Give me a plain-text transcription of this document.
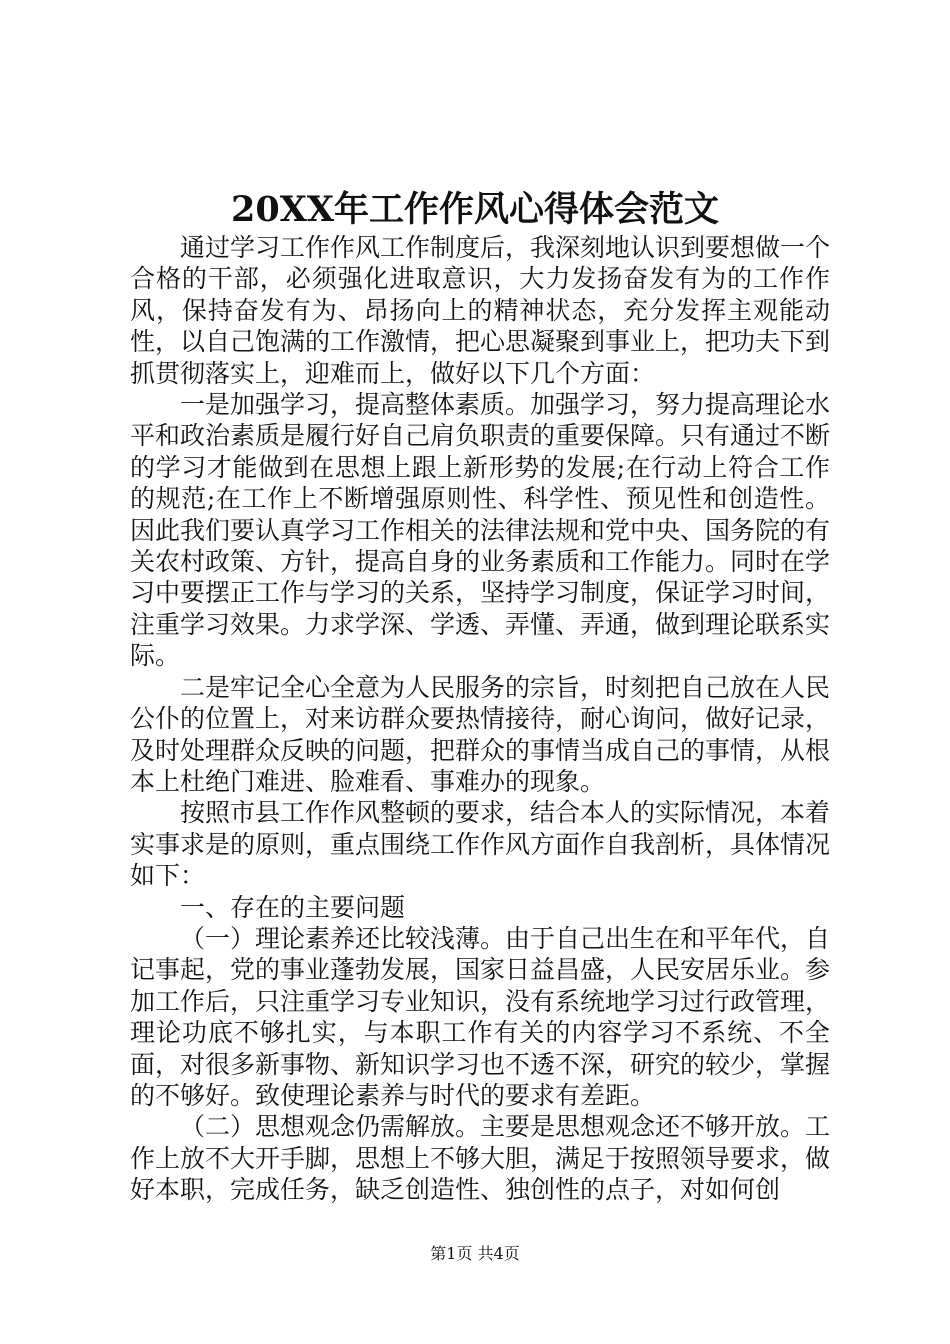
20XX年工作作风心得体会范文

通过学习工作作风工作制度后，我深刻地认识到要想做一个合格的干部，必须强化进取意识，大力发扬奋发有为的工作作风，保持奋发有为、昂扬向上的精神状态，充分发挥主观能动性，以自己饱满的工作激情，把心思凝聚到事业上，把功夫下到抓贯彻落实上，迎难而上，做好以下几个方面：

一是加强学习，提高整体素质。加强学习，努力提高理论水平和政治素质是履行好自己肩负职责的重要保障。只有通过不断的学习才能做到在思想上跟上新形势的发展;在行动上符合工作的规范;在工作上不断增强原则性、科学性、预见性和创造性。因此我们要认真学习工作相关的法律法规和党中央、国务院的有关农村政策、方针，提高自身的业务素质和工作能力。同时在学习中要摆正工作与学习的关系，坚持学习制度，保证学习时间，注重学习效果。力求学深、学透、弄懂、弄通，做到理论联系实际。

二是牢记全心全意为人民服务的宗旨，时刻把自己放在人民公仆的位置上，对来访群众要热情接待，耐心询问，做好记录，及时处理群众反映的问题，把群众的事情当成自己的事情，从根本上杜绝门难进、脸难看、事难办的现象。

按照市县工作作风整顿的要求，结合本人的实际情况，本着实事求是的原则，重点围绕工作作风方面作自我剖析，具体情况如下：

一、存在的主要问题

（一）理论素养还比较浅薄。由于自己出生在和平年代，自记事起，党的事业蓬勃发展，国家日益昌盛，人民安居乐业。参加工作后，只注重学习专业知识，没有系统地学习过行政管理，理论功底不够扎实，与本职工作有关的内容学习不系统、不全面，对很多新事物、新知识学习也不透不深，研究的较少，掌握的不够好。致使理论素养与时代的要求有差距。

（二）思想观念仍需解放。主要是思想观念还不够开放。工作上放不大开手脚，思想上不够大胆，满足于按照领导要求，做好本职，完成任务，缺乏创造性、独创性的点子，对如何创

第1页 共4页
